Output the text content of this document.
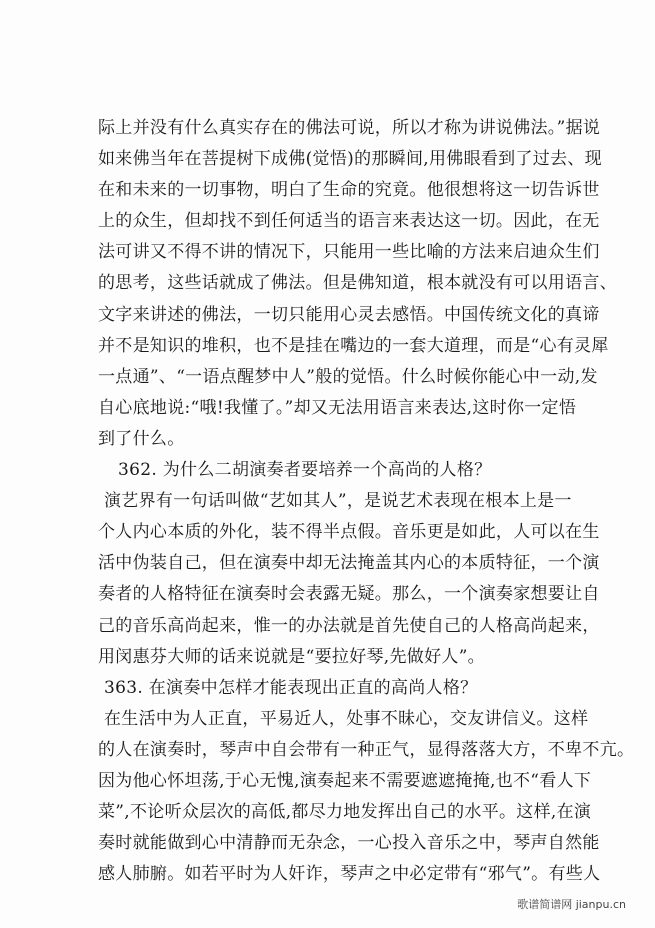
际上并没有什么真实存在的佛法可说，所以才称为讲说佛法。”据说
如来佛当年在菩提树下成佛(觉悟)的那瞬间,用佛眼看到了过去、现
在和未来的一切事物，明白了生命的究竟。他很想将这一切告诉世
上的众生，但却找不到任何适当的语言来表达这一切。因此，在无
法可讲又不得不讲的情况下，只能用一些比喻的方法来启迪众生们
的思考，这些话就成了佛法。但是佛知道，根本就没有可以用语言、
文字来讲述的佛法，一切只能用心灵去感悟。中国传统文化的真谛
并不是知识的堆积，也不是挂在嘴边的一套大道理，而是“心有灵犀
一点通”、“一语点醒梦中人”般的觉悟。什么时候你能心中一动,发
自心底地说:“哦!我懂了。”却又无法用语言来表达,这时你一定悟
到了什么。
362. 为什么二胡演奏者要培养一个高尚的人格？
演艺界有一句话叫做“艺如其人”，是说艺术表现在根本上是一
个人内心本质的外化，装不得半点假。音乐更是如此，人可以在生
活中伪装自己，但在演奏中却无法掩盖其内心的本质特征，一个演
奏者的人格特征在演奏时会表露无疑。那么，一个演奏家想要让自
己的音乐高尚起来，惟一的办法就是首先使自己的人格高尚起来，
用闵惠芬大师的话来说就是“要拉好琴,先做好人”。
363. 在演奏中怎样才能表现出正直的高尚人格？
在生活中为人正直，平易近人，处事不昧心，交友讲信义。这样
的人在演奏时，琴声中自会带有一种正气，显得落落大方，不卑不亢。
因为他心怀坦荡,于心无愧,演奏起来不需要遮遮掩掩,也不“看人下
菜”,不论听众层次的高低,都尽力地发挥出自己的水平。这样,在演
奏时就能做到心中清静而无杂念，一心投入音乐之中，琴声自然能
感人肺腑。如若平时为人奸诈，琴声之中必定带有“邪气”。有些人
歌谱简谱网 jianpu.cn
